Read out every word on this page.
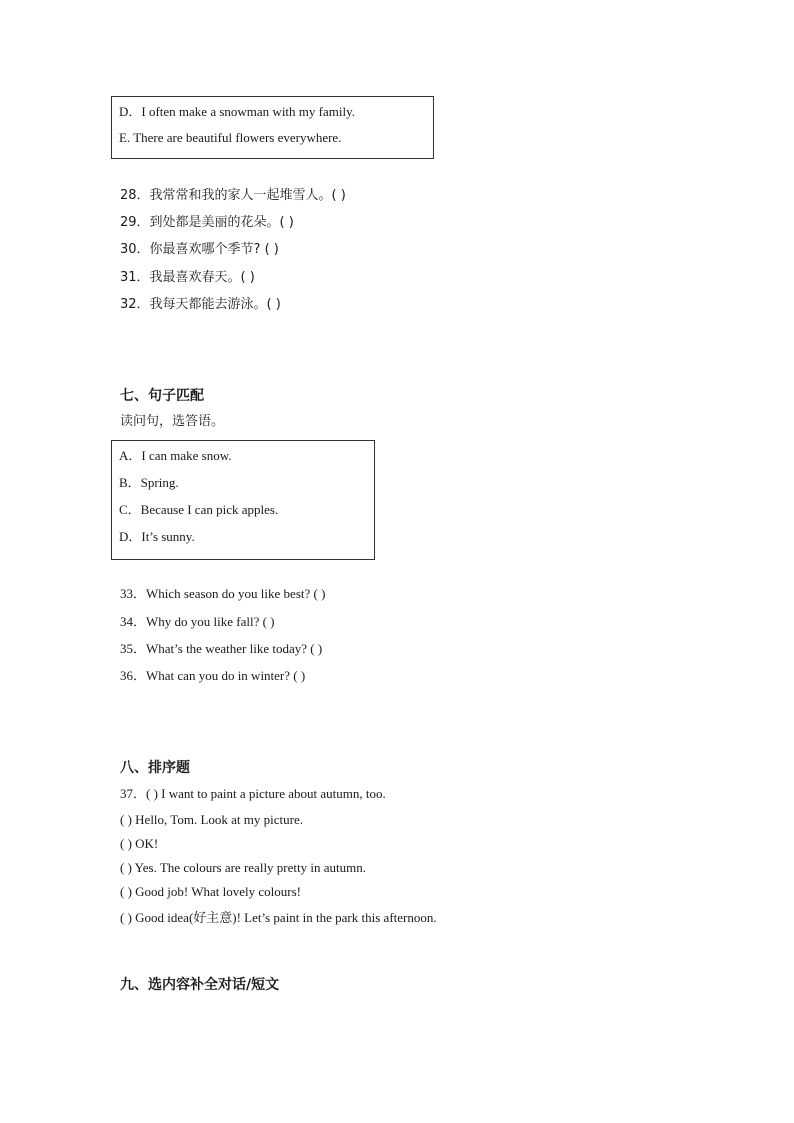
D．I often make a snowman with my family.
E. There are beautiful flowers everywhere.
28．我常常和我的家人一起堆雪人。( )
29．到处都是美丽的花朵。( )
30．你最喜欢哪个季节? ( )
31．我最喜欢春天。( )
32．我每天都能去游泳。( )
七、句子匹配
读问句，选答语。
A．I can make snow.
B．Spring.
C．Because I can pick apples.
D．It’s sunny.
33．Which season do you like best? ( )
34．Why do you like fall? ( )
35．What’s the weather like today? ( )
36．What can you do in winter? ( )
八、排序题
37．( ) I want to paint a picture about autumn, too.
( ) Hello, Tom. Look at my picture.
( ) OK!
( ) Yes. The colours are really pretty in autumn.
( ) Good job! What lovely colours!
( ) Good idea(好主意)! Let’s paint in the park this afternoon.
九、选内容补全对话/短文
